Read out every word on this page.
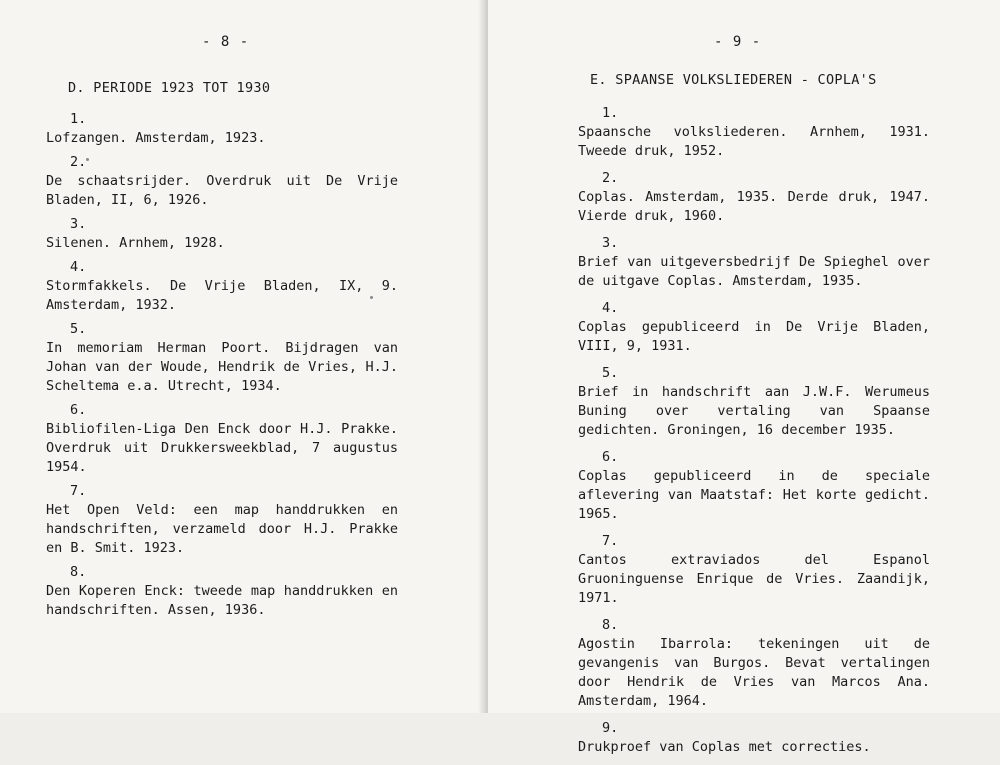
- 8 -
D. PERIODE 1923 TOT 1930
1.
Lofzangen. Amsterdam, 1923.
2.
De schaatsrijder. Overdruk uit De Vrije Bladen, II, 6, 1926.
3.
Silenen. Arnhem, 1928.
4.
Stormfakkels. De Vrije Bladen, IX, 9. Amsterdam, 1932.
5.
In memoriam Herman Poort. Bijdragen van Johan van der Woude, Hendrik de Vries, H.J. Scheltema e.a. Utrecht, 1934.
6.
Bibliofilen-Liga Den Enck door H.J. Prakke. Overdruk uit Drukkersweekblad, 7 augustus 1954.
7.
Het Open Veld: een map handdrukken en handschriften, verzameld door H.J. Prakke en B. Smit. 1923.
8.
Den Koperen Enck: tweede map handdrukken en handschriften. Assen, 1936.
- 9 -
E. SPAANSE VOLKSLIEDEREN - COPLA'S
1.
Spaansche volksliederen. Arnhem, 1931. Tweede druk, 1952.
2.
Coplas. Amsterdam, 1935. Derde druk, 1947. Vierde druk, 1960.
3.
Brief van uitgeversbedrijf De Spieghel over de uitgave Coplas. Amsterdam, 1935.
4.
Coplas gepubliceerd in De Vrije Bladen, VIII, 9, 1931.
5.
Brief in handschrift aan J.W.F. Werumeus Buning over vertaling van Spaanse gedichten. Groningen, 16 december 1935.
6.
Coplas gepubliceerd in de speciale aflevering van Maatstaf: Het korte gedicht. 1965.
7.
Cantos extraviados del Espanol Gruoninguense Enrique de Vries. Zaandijk, 1971.
8.
Agostin Ibarrola: tekeningen uit de gevangenis van Burgos. Bevat vertalingen door Hendrik de Vries van Marcos Ana. Amsterdam, 1964.
9.
Drukproef van Coplas met correcties.
